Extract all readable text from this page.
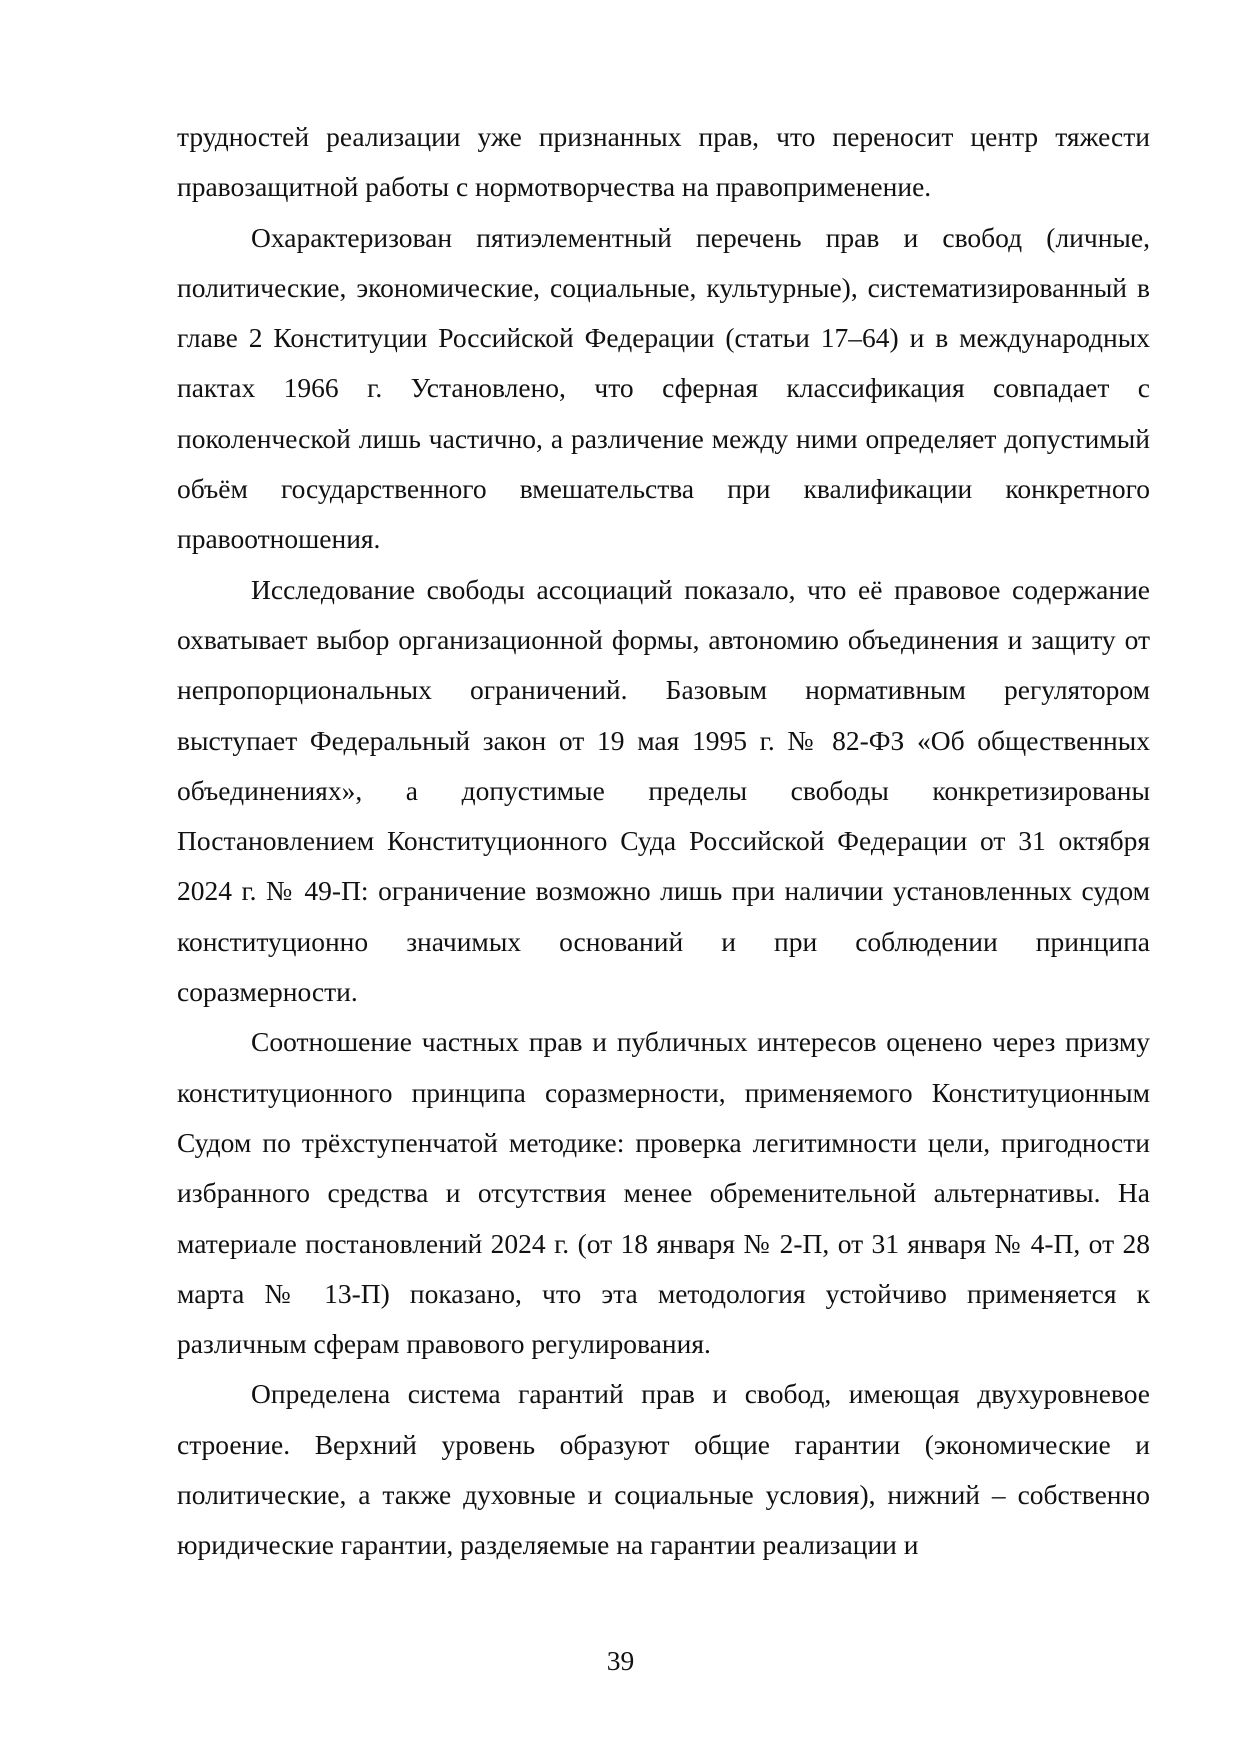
трудностей реализации уже признанных прав, что переносит центр тяжести правозащитной работы с нормотворчества на правоприменение.

Охарактеризован пятиэлементный перечень прав и свобод (личные, политические, экономические, социальные, культурные), систематизированный в главе 2 Конституции Российской Федерации (статьи 17–64) и в международных пактах 1966 г. Установлено, что сферная классификация совпадает с поколенческой лишь частично, а различение между ними определяет допустимый объём государственного вмешательства при квалификации конкретного правоотношения.

Исследование свободы ассоциаций показало, что её правовое содержание охватывает выбор организационной формы, автономию объединения и защиту от непропорциональных ограничений. Базовым нормативным регулятором выступает Федеральный закон от 19 мая 1995 г. № 82-ФЗ «Об общественных объединениях», а допустимые пределы свободы конкретизированы Постановлением Конституционного Суда Российской Федерации от 31 октября 2024 г. № 49-П: ограничение возможно лишь при наличии установленных судом конституционно значимых оснований и при соблюдении принципа соразмерности.

Соотношение частных прав и публичных интересов оценено через призму конституционного принципа соразмерности, применяемого Конституционным Судом по трёхступенчатой методике: проверка легитимности цели, пригодности избранного средства и отсутствия менее обременительной альтернативы. На материале постановлений 2024 г. (от 18 января № 2-П, от 31 января № 4-П, от 28 марта № 13-П) показано, что эта методология устойчиво применяется к различным сферам правового регулирования.

Определена система гарантий прав и свобод, имеющая двухуровневое строение. Верхний уровень образуют общие гарантии (экономические и политические, а также духовные и социальные условия), нижний – собственно юридические гарантии, разделяемые на гарантии реализации и

39
